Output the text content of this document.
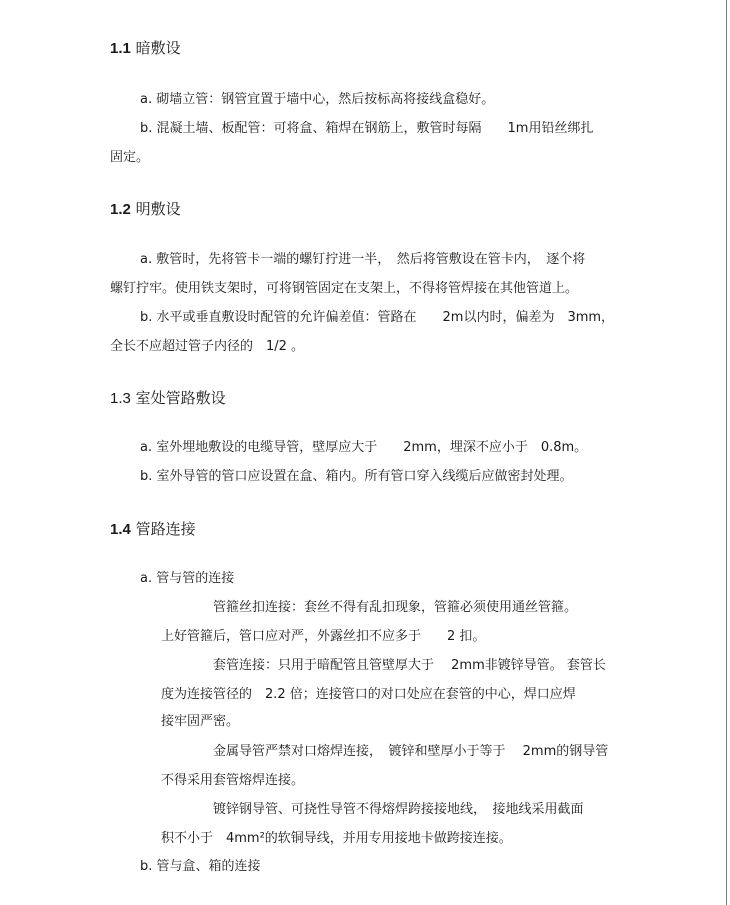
1.1 暗敷设
a. 砌墙立管：钢管宜置于墙中心，然后按标高将接线盒稳好。
b. 混凝土墙、板配管：可将盒、箱焊在钢筋上，敷管时每隔　　1m用铅丝绑扎
固定。
1.2 明敷设
a. 敷管时，先将管卡一端的螺钉拧进一半，　然后将管敷设在管卡内，　逐个将
螺钉拧牢。使用铁支架时，可将钢管固定在支架上，不得将管焊接在其他管道上。
b. 水平或垂直敷设时配管的允许偏差值：管路在　　2m以内时，偏差为　3mm，
全长不应超过管子内径的　1/2 。
1.3 室处管路敷设
a. 室外埋地敷设的电缆导管，壁厚应大于　　2mm，埋深不应小于　0.8m。
b. 室外导管的管口应设置在盒、箱内。所有管口穿入线缆后应做密封处理。
1.4 管路连接
a. 管与管的连接
管箍丝扣连接：套丝不得有乱扣现象，管箍必须使用通丝管箍。
上好管箍后，管口应对严，外露丝扣不应多于　　2 扣。
套管连接：只用于暗配管且管壁厚大于　 2mm非镀锌导管。 套管长
度为连接管径的　2.2 倍；连接管口的对口处应在套管的中心，焊口应焊
接牢固严密。
金属导管严禁对口熔焊连接，　镀锌和壁厚小于等于　 2mm的钢导管
不得采用套管熔焊连接。
镀锌钢导管、可挠性导管不得熔焊跨接接地线，　接地线采用截面
积不小于　4mm²的软铜导线，并用专用接地卡做跨接连接。
b. 管与盒、箱的连接
